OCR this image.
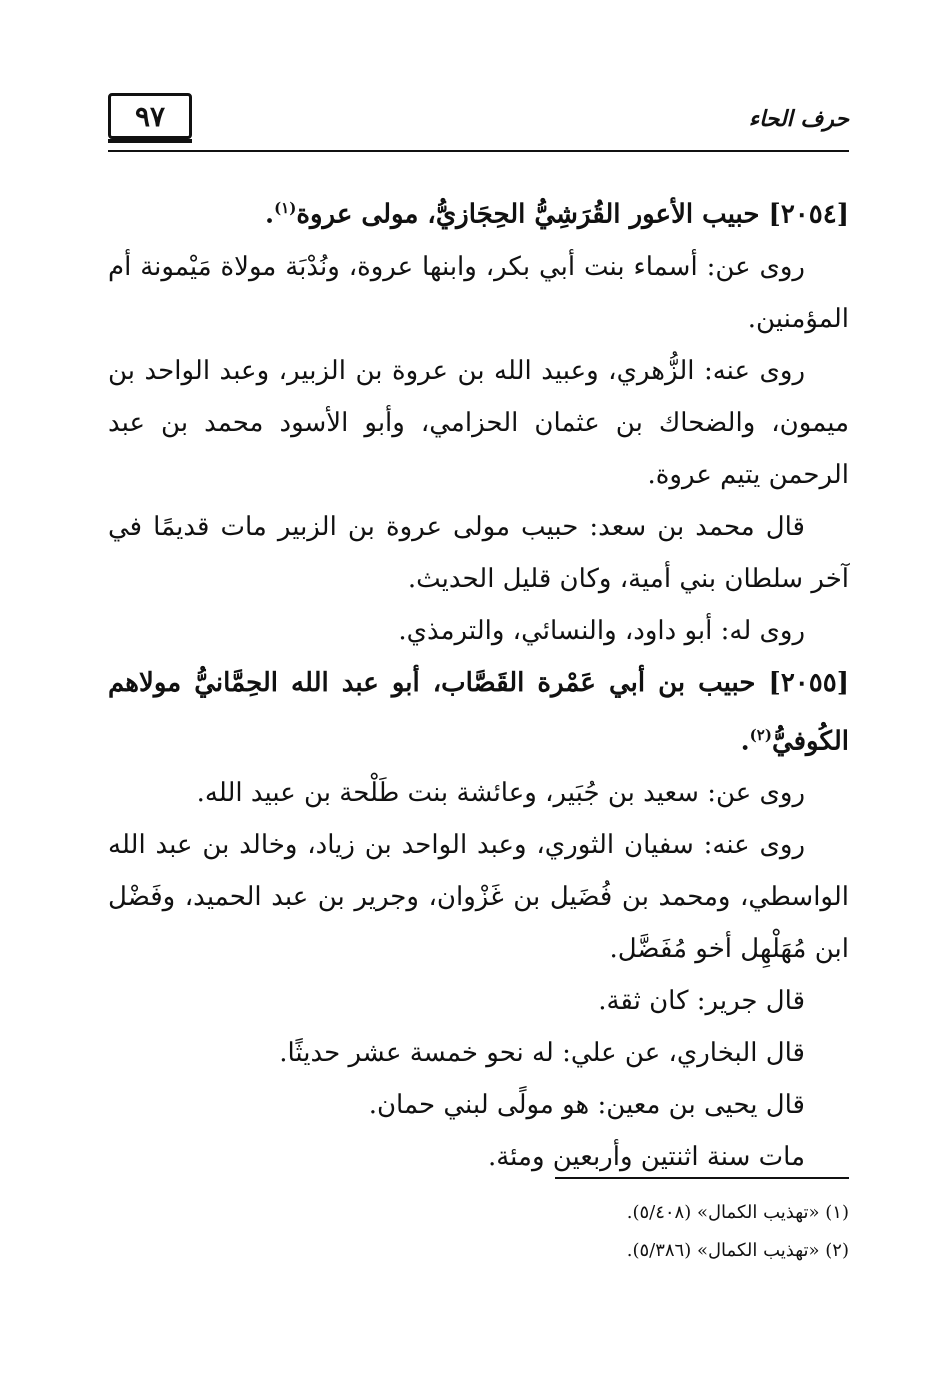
٩٧	حرف الحاء

[٢٠٥٤] حبيب الأعور القُرَشِيُّ الحِجَازيُّ، مولى عروة$^{(١)}$.

روى عن: أسماء بنت أبي بكر، وابنها عروة، ونُدْبَة مولاة مَيْمونة أم المؤمنين.

روى عنه: الزُّهري، وعبيد الله بن عروة بن الزبير، وعبد الواحد بن ميمون، والضحاك بن عثمان الحزامي، وأبو الأسود محمد بن عبد الرحمن يتيم عروة.

قال محمد بن سعد: حبيب مولى عروة بن الزبير مات قديمًا في آخر سلطان بني أمية، وكان قليل الحديث.

روى له: أبو داود، والنسائي، والترمذي.

[٢٠٥٥] حبيب بن أبي عَمْرة القَصَّاب، أبو عبد الله الحِمَّانيُّ مولاهم الكُوفيُّ$^{(٢)}$.

روى عن: سعيد بن جُبَير، وعائشة بنت طَلْحة بن عبيد الله.

روى عنه: سفيان الثوري، وعبد الواحد بن زياد، وخالد بن عبد الله الواسطي، ومحمد بن فُضَيل بن غَزْوان، وجرير بن عبد الحميد، وفَضْل ابن مُهَلْهِل أخو مُفَضَّل.

قال جرير: كان ثقة.

قال البخاري، عن علي: له نحو خمسة عشر حديثًا.

قال يحيى بن معين: هو مولًى لبني حمان.

مات سنة اثنتين وأربعين ومئة.

(١) «تهذيب الكمال» (٥/٤٠٨).

(٢) «تهذيب الكمال» (٥/٣٨٦).
